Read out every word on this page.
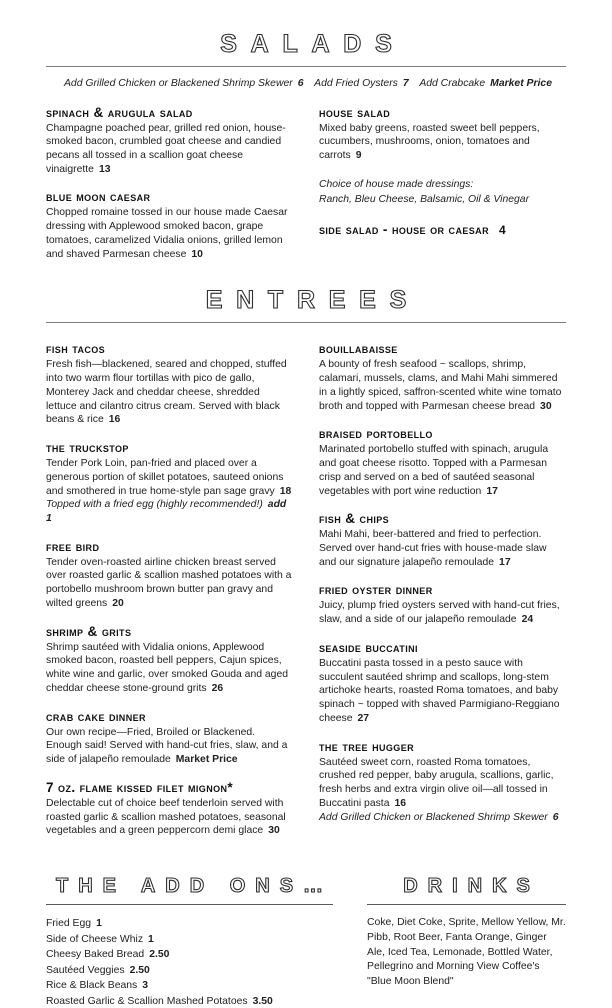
SALADS
Add Grilled Chicken or Blackened Shrimp Skewer 6 Add Fried Oysters 7 Add Crabcake Market Price
spinach & arugula salad

Champagne poached pear, grilled red onion, house-smoked bacon, crumbled goat cheese and candied pecans all tossed in a scallion goat cheese vinaigrette 13

blue moon caesar

Chopped romaine tossed in our house made Caesar dressing with Applewood smoked bacon, grape tomatoes, caramelized Vidalia onions, grilled lemon and shaved Parmesan cheese 10

house salad

Mixed baby greens, roasted sweet bell peppers, cucumbers, mushrooms, onion, tomatoes and carrots 9

Choice of house made dressings:
Ranch, Bleu Cheese, Balsamic, Oil & Vinegar
side salad - house or caesar 4
ENTREES
fish tacos

Fresh fish—blackened, seared and chopped, stuffed into two warm flour tortillas with pico de gallo, Monterey Jack and cheddar cheese, shredded lettuce and cilantro citrus cream. Served with black beans & rice 16

the truckstop

Tender Pork Loin, pan-fried and placed over a generous portion of skillet potatoes, sauteed onions and smothered in true home-style pan sage gravy 18

Topped with a fried egg (highly recommended!) add 1

free bird

Tender oven-roasted airline chicken breast served over roasted garlic & scallion mashed potatoes with a portobello mushroom brown butter pan gravy and wilted greens 20

shrimp & grits

Shrimp sautéed with Vidalia onions, Applewood smoked bacon, roasted bell peppers, Cajun spices, white wine and garlic, over smoked Gouda and aged cheddar cheese stone-ground grits 26

crab cake dinner

Our own recipe—Fried, Broiled or Blackened. Enough said! Served with hand-cut fries, slaw, and a side of jalapeño remoulade Market Price

7 oz. flame kissed filet mignon*

Delectable cut of choice beef tenderloin served with roasted garlic & scallion mashed potatoes, seasonal vegetables and a green peppercorn demi glace 30

bouillabaisse

A bounty of fresh seafood ~ scallops, shrimp, calamari, mussels, clams, and Mahi Mahi simmered in a lightly spiced, saffron-scented white wine tomato broth and topped with Parmesan cheese bread 30

braised portobello

Marinated portobello stuffed with spinach, arugula and goat cheese risotto. Topped with a Parmesan crisp and served on a bed of sautéed seasonal vegetables with port wine reduction 17

fish & chips

Mahi Mahi, beer-battered and fried to perfection. Served over hand-cut fries with house-made slaw and our signature jalapeño remoulade 17

fried oyster dinner

Juicy, plump fried oysters served with hand-cut fries, slaw, and a side of our jalapeño remoulade 24

seaside buccatini

Buccatini pasta tossed in a pesto sauce with succulent sautéed shrimp and scallops, long-stem artichoke hearts, roasted Roma tomatoes, and baby spinach ~ topped with shaved Parmigiano-Reggiano cheese 27

the tree hugger

Sautéed sweet corn, roasted Roma tomatoes, crushed red pepper, baby arugula, scallions, garlic, fresh herbs and extra virgin olive oil—all tossed in Buccatini pasta 16

Add Grilled Chicken or Blackened Shrimp Skewer 6

THE ADD ONS…
Fried Egg 1
Side of Cheese Whiz 1
Cheesy Baked Bread 2.50
Sautéed Veggies 2.50
Rice & Black Beans 3
Roasted Garlic & Scallion Mashed Potatoes 3.50
DRINKS

Coke, Diet Coke, Sprite, Mellow Yellow, Mr. Pibb, Root Beer, Fanta Orange, Ginger Ale, Iced Tea, Lemonade, Bottled Water, Pellegrino and Morning View Coffee's "Blue Moon Blend"
